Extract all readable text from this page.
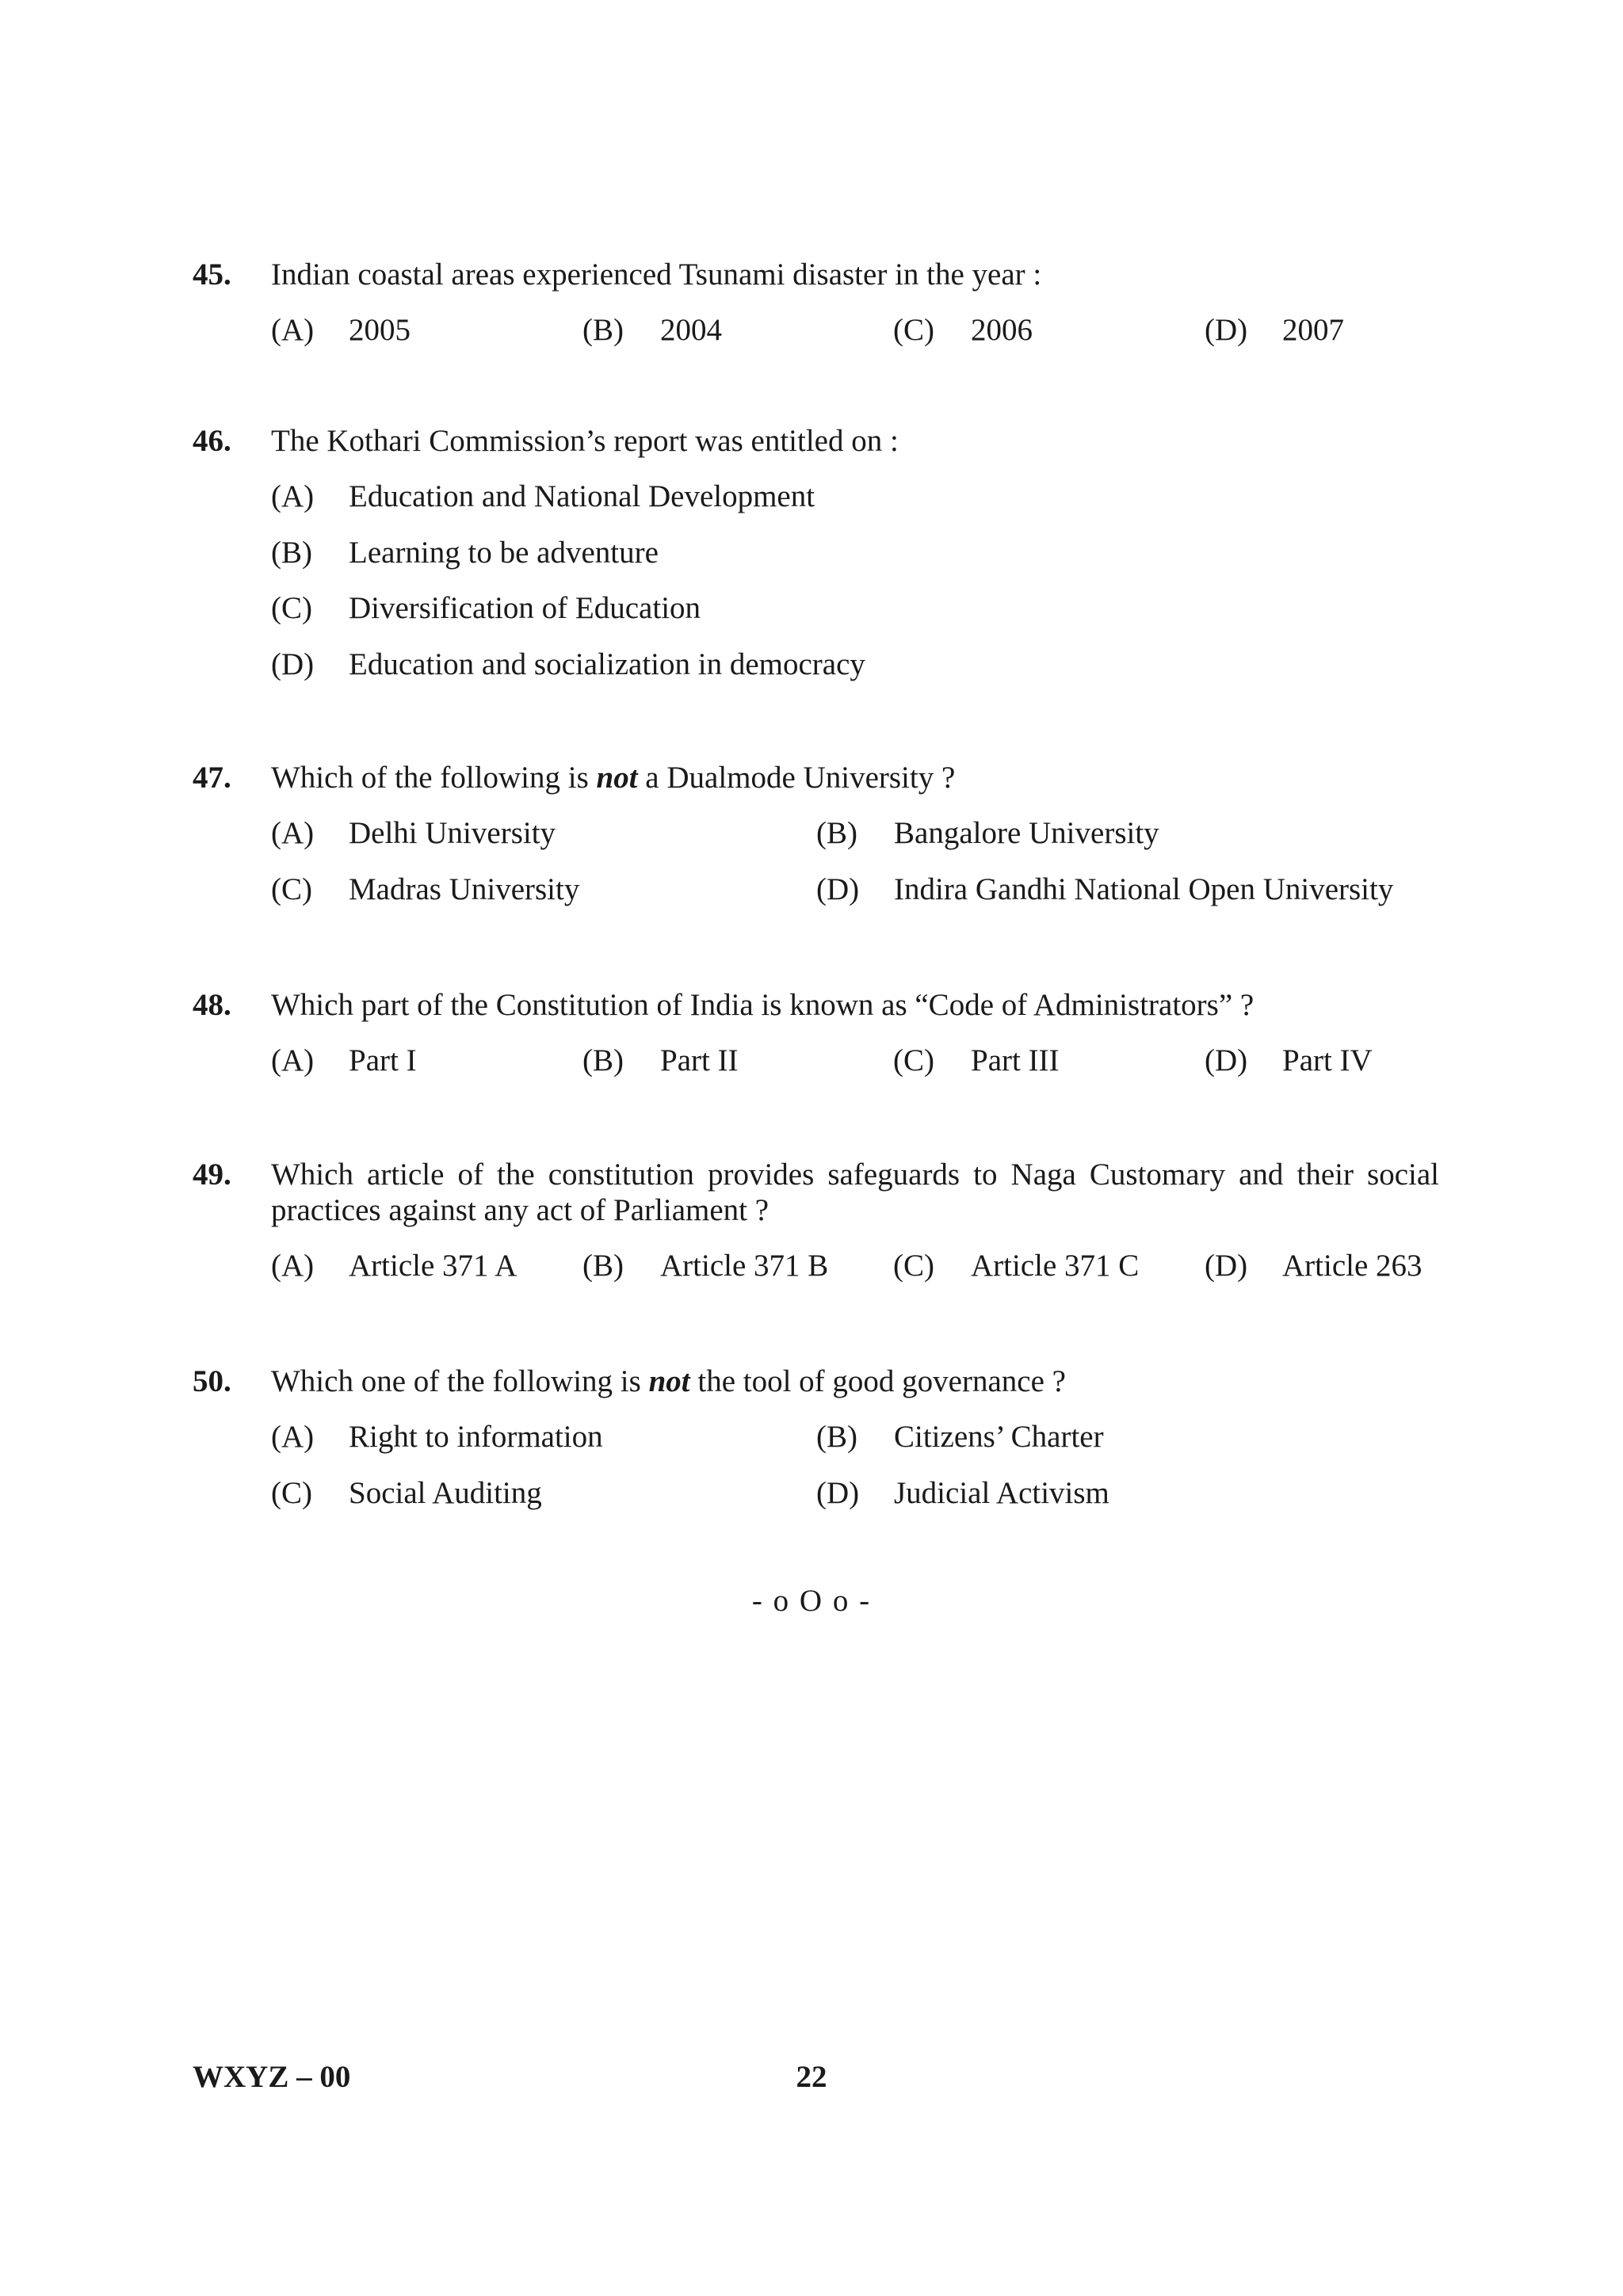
45. Indian coastal areas experienced Tsunami disaster in the year :
(A) 2005	(B) 2004	(C) 2006	(D) 2007
46. The Kothari Commission’s report was entitled on :
(A) Education and National Development
(B) Learning to be adventure
(C) Diversification of Education
(D) Education and socialization in democracy
47. Which of the following is not a Dualmode University ?
(A) Delhi University	(B) Bangalore University
(C) Madras University	(D) Indira Gandhi National Open University
48. Which part of the Constitution of India is known as “Code of Administrators” ?
(A) Part I	(B) Part II	(C) Part III	(D) Part IV
49. Which article of the constitution provides safeguards to Naga Customary and their social practices against any act of Parliament ?
(A) Article 371 A (B) Article 371 B (C) Article 371 C (D) Article 263
50. Which one of the following is not the tool of good governance ?
(A) Right to information	(B) Citizens’ Charter
(C) Social Auditing	(D) Judicial Activism
- o O o -
WXYZ – 00	22
